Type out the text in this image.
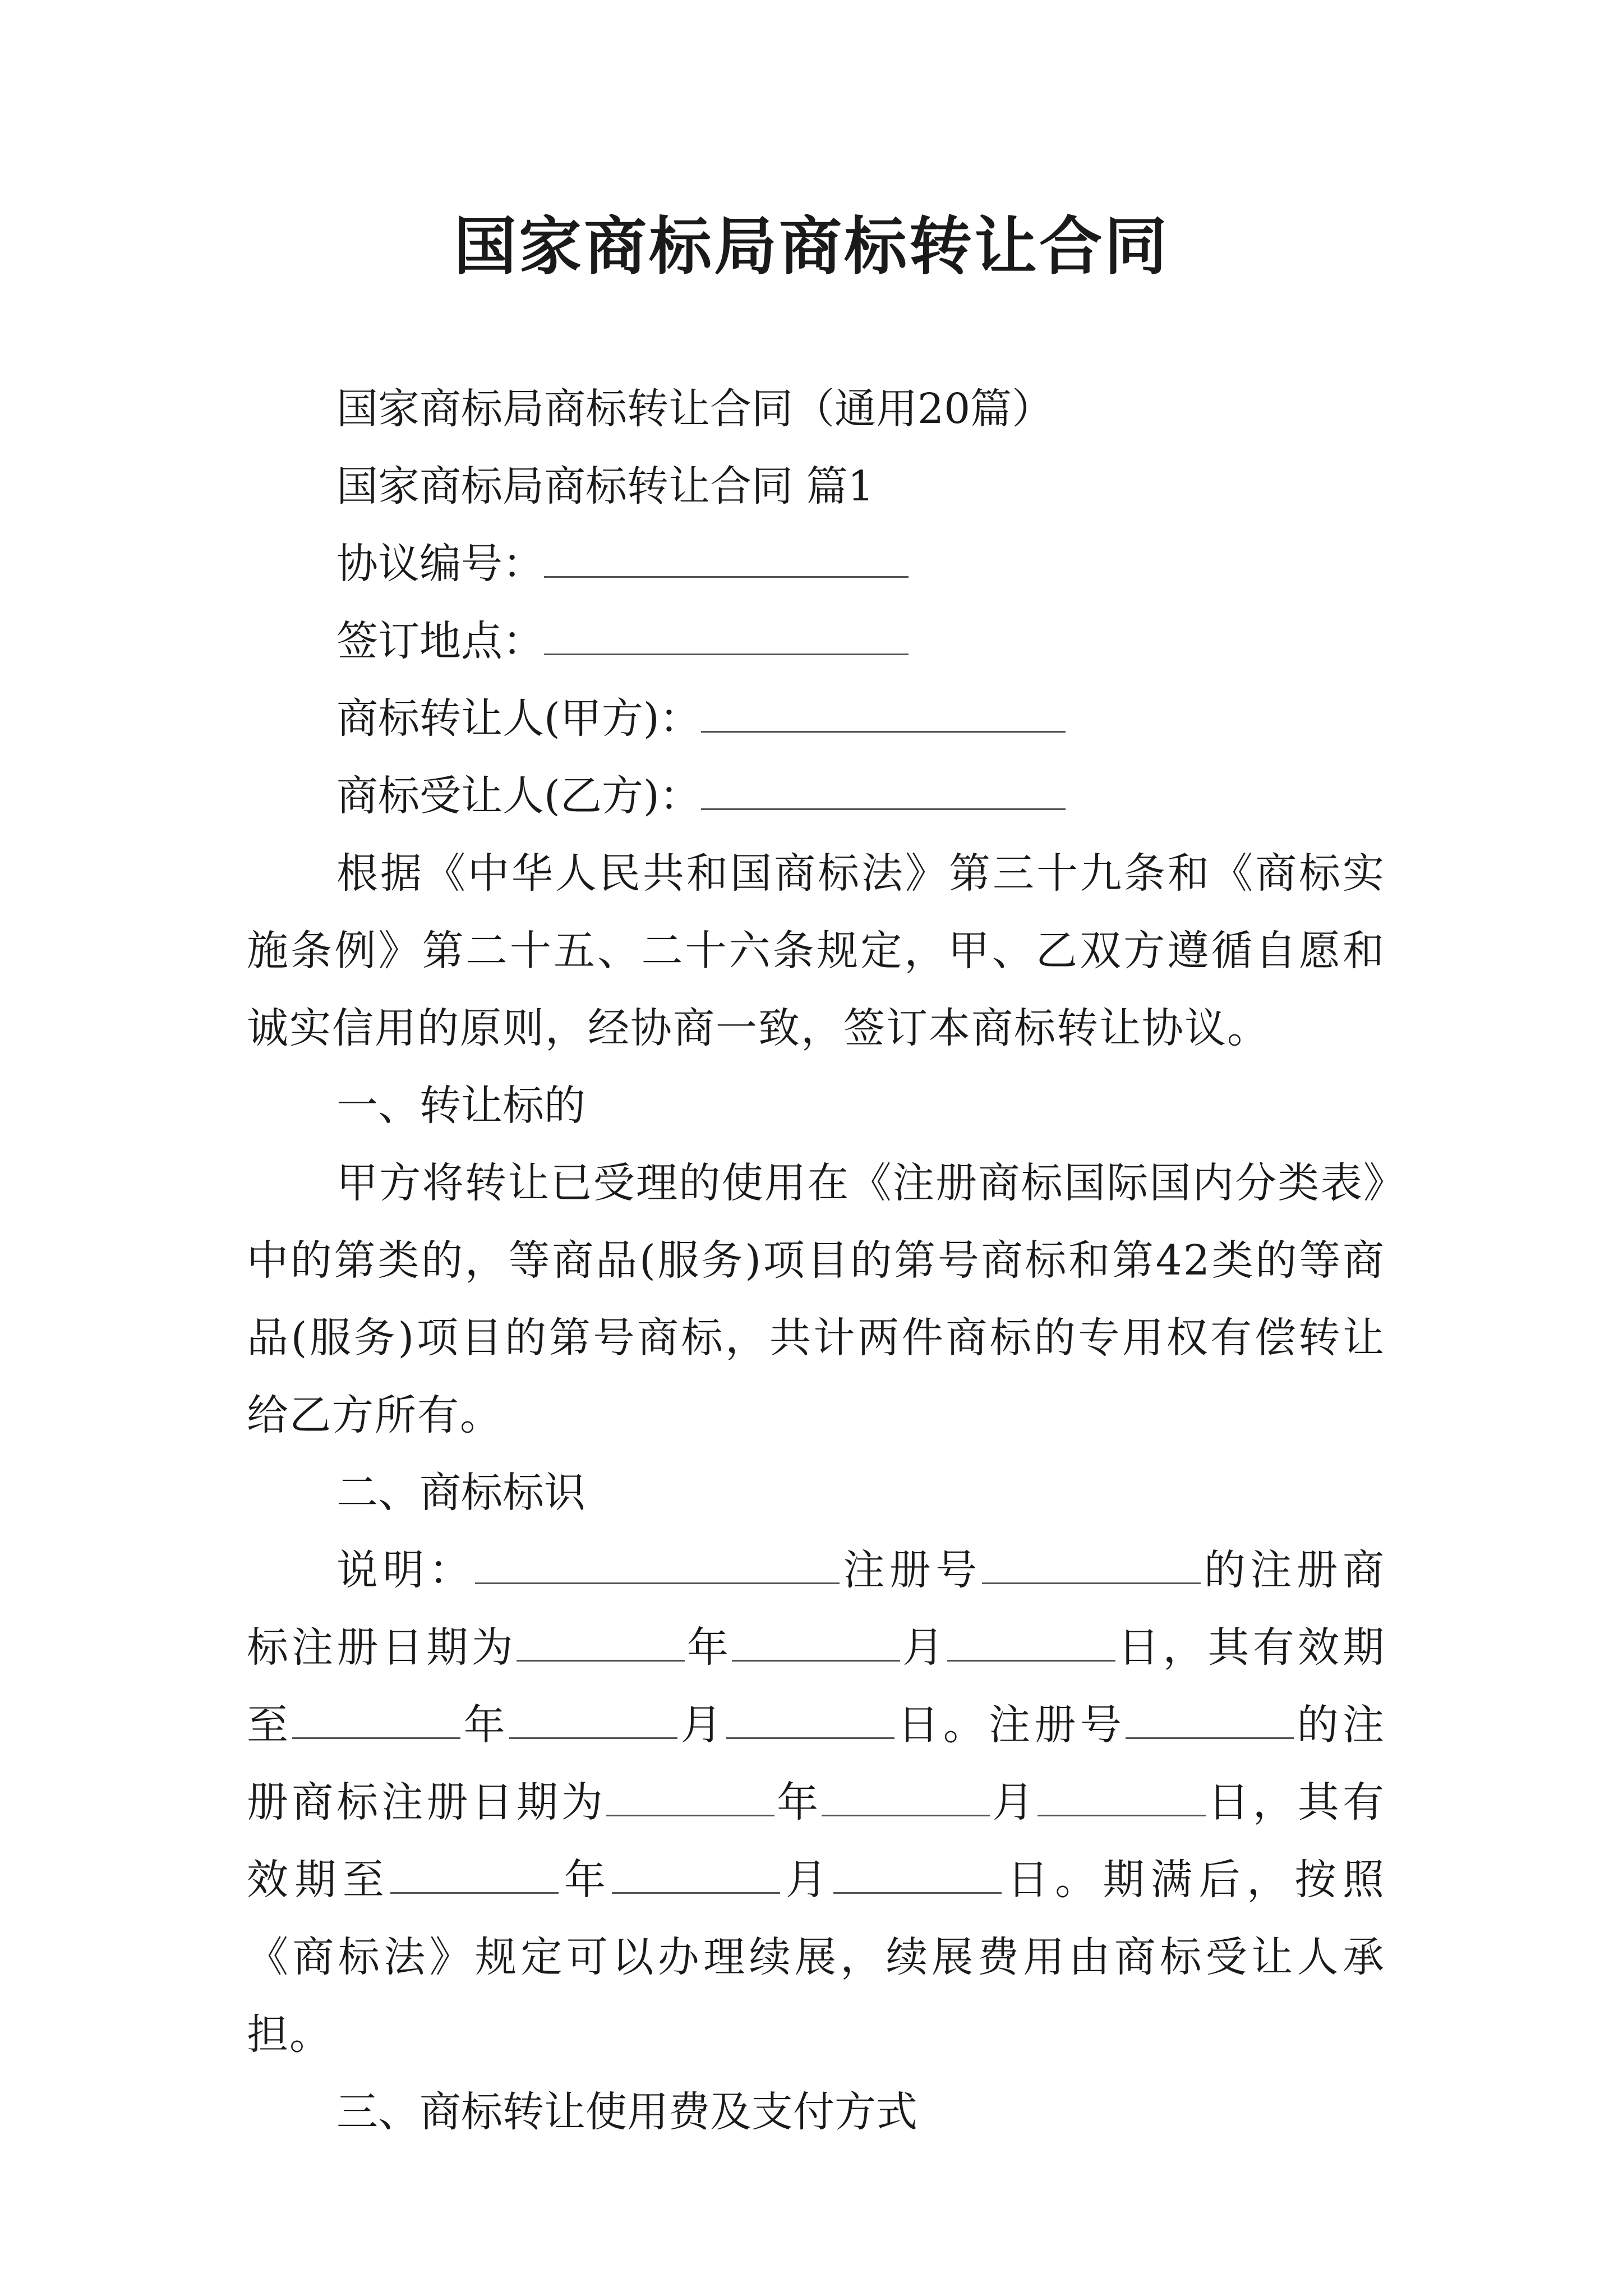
国家商标局商标转让合同
国家商标局商标转让合同（通用20篇）
国家商标局商标转让合同 篇1
协议编号：
签订地点：
商标转让人(甲方)：
商标受让人(乙方)：
根据《中华人民共和国商标法》第三十九条和《商标实施条例》第二十五、二十六条规定，甲、乙双方遵循自愿和诚实信用的原则，经协商一致，签订本商标转让协议。
一、转让标的
甲方将转让已受理的使用在《注册商标国际国内分类表》中的第类的，等商品(服务)项目的第号商标和第42类的等商品(服务)项目的第号商标，共计两件商标的专用权有偿转让给乙方所有。
二、商标标识
说明：	注册号	的注册商标注册日期为	年	月	日，其有效期至	年	月	日。注册号	的注册商标注册日期为	年	月	日，其有效期至	年	月	日。期满后，按照《商标法》规定可以办理续展，续展费用由商标受让人承担。
三、商标转让使用费及支付方式
